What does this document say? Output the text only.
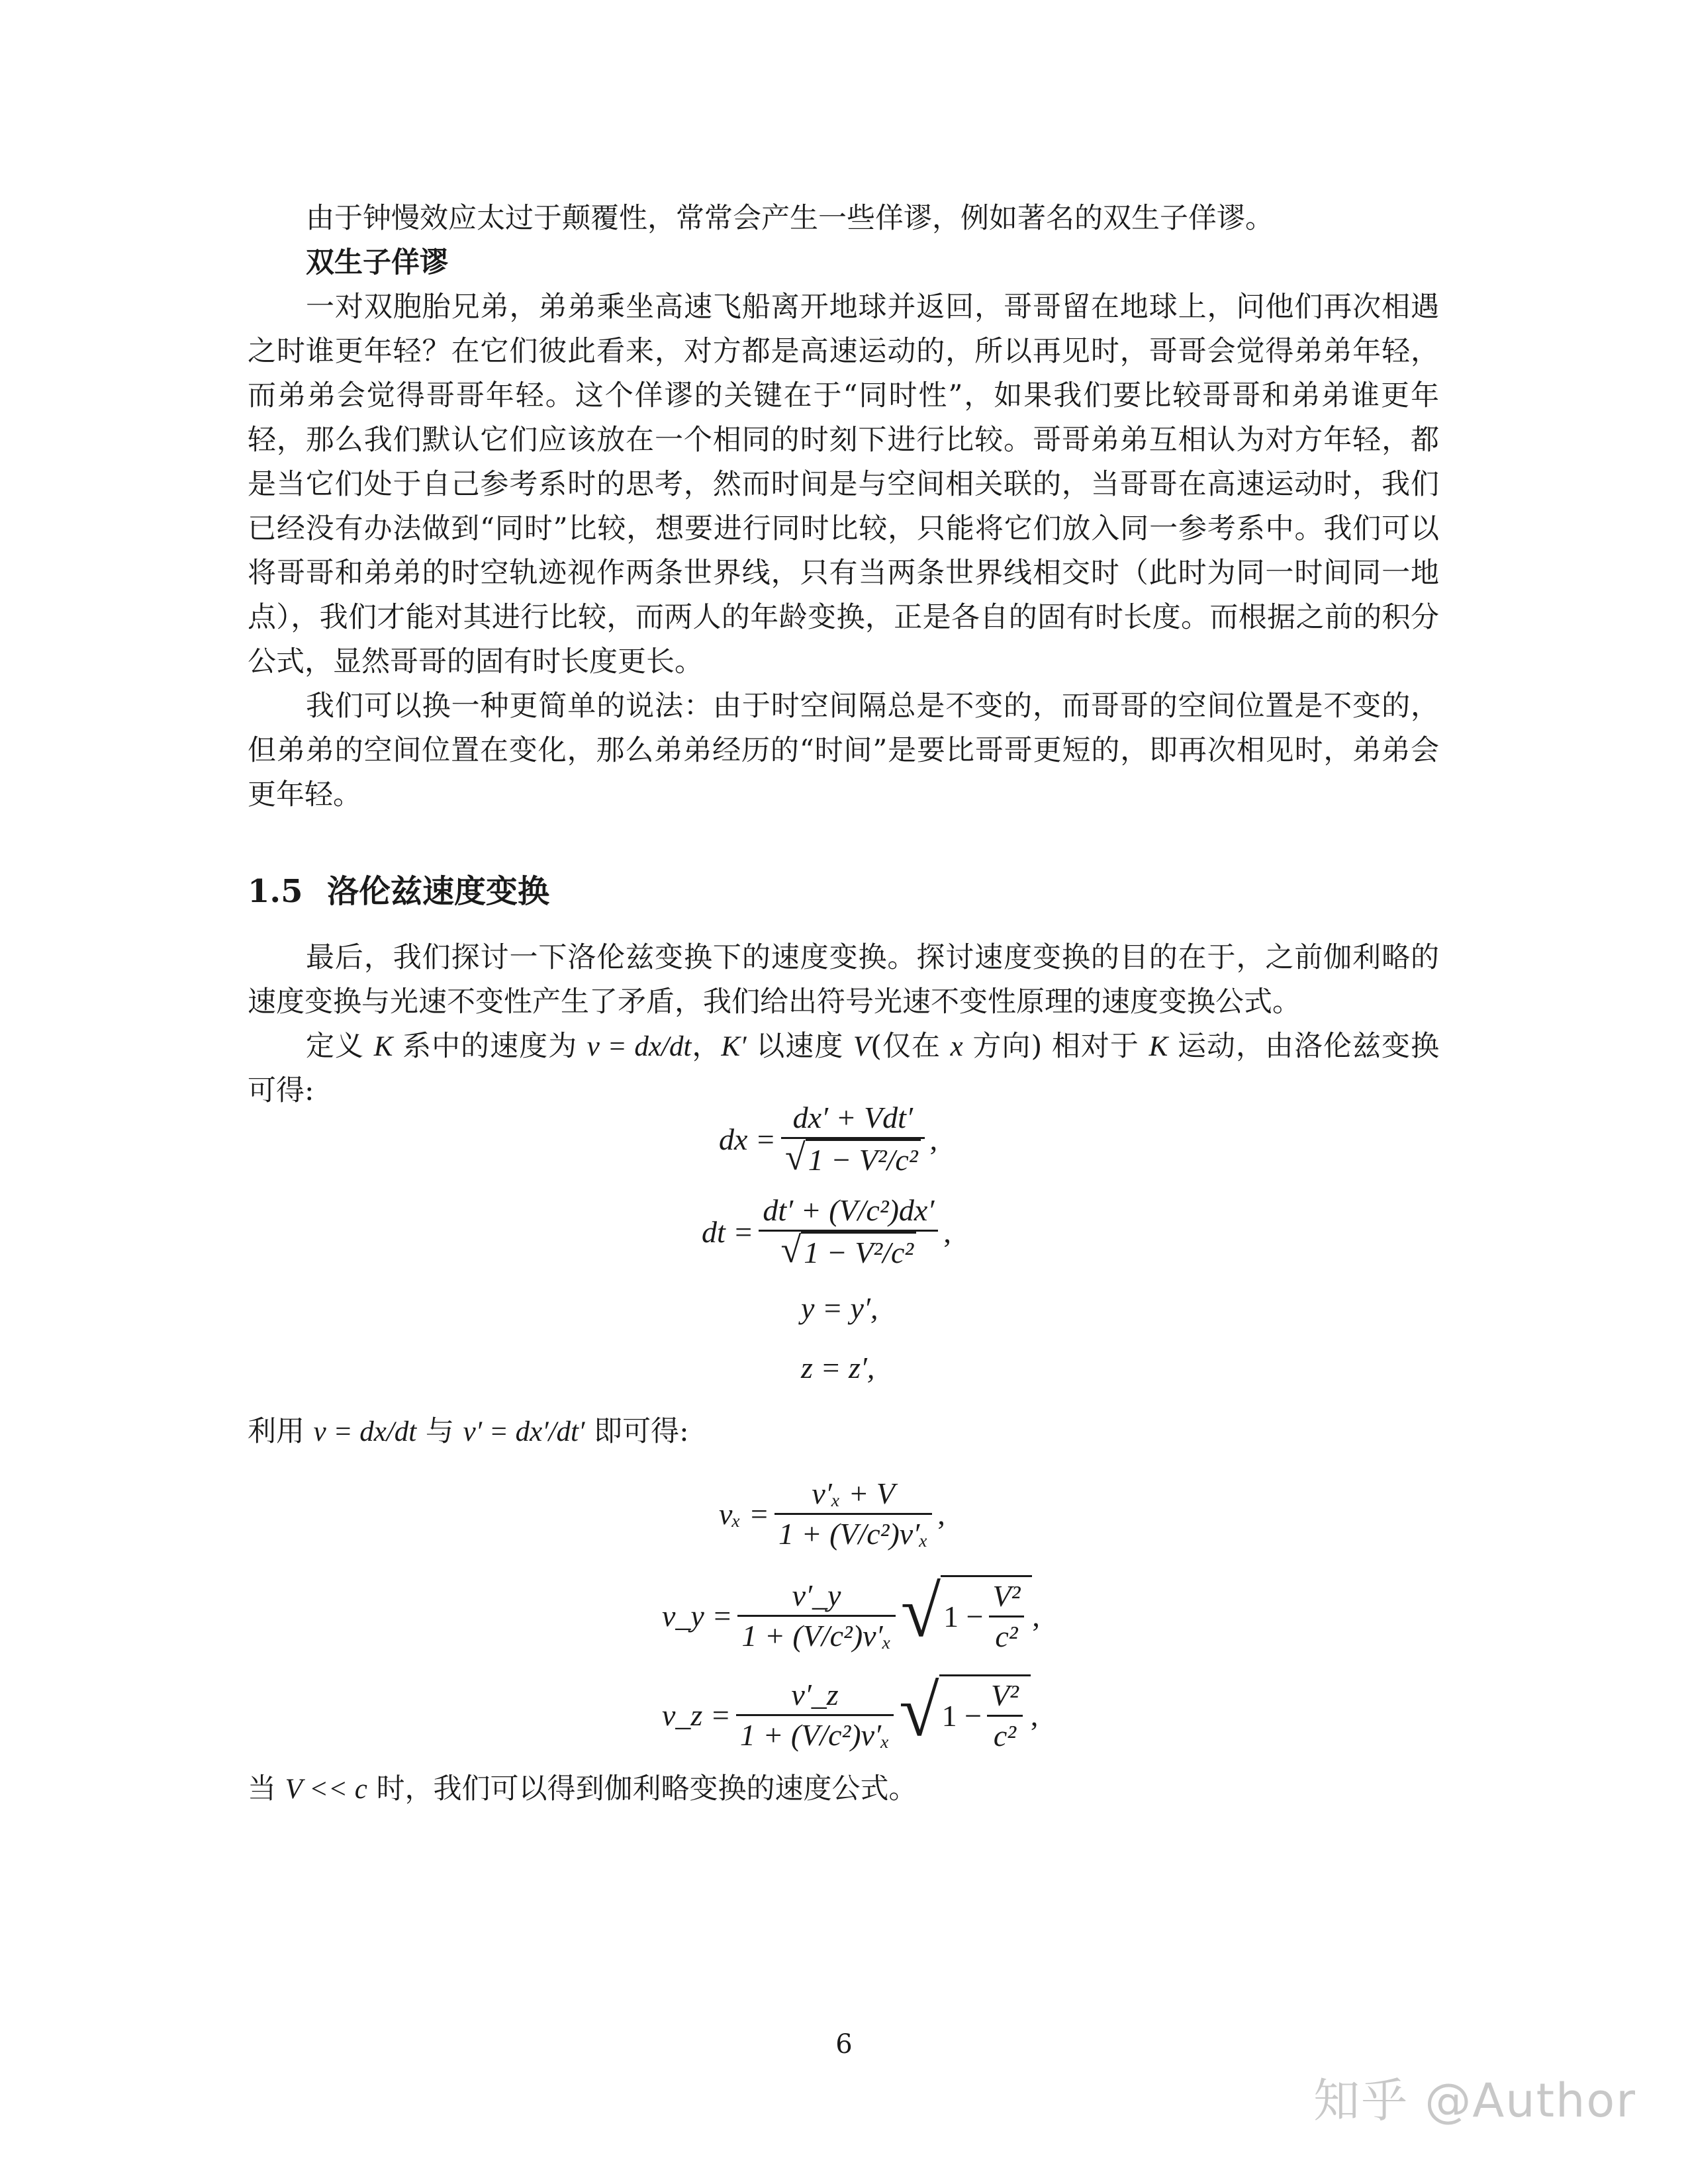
由于钟慢效应太过于颠覆性，常常会产生一些佯谬，例如著名的双生子佯谬。

双生子佯谬

一对双胞胎兄弟，弟弟乘坐高速飞船离开地球并返回，哥哥留在地球上，问他们再次相遇之时谁更年轻？在它们彼此看来，对方都是高速运动的，所以再见时，哥哥会觉得弟弟年轻，而弟弟会觉得哥哥年轻。这个佯谬的关键在于“同时性”，如果我们要比较哥哥和弟弟谁更年轻，那么我们默认它们应该放在一个相同的时刻下进行比较。哥哥弟弟互相认为对方年轻，都是当它们处于自己参考系时的思考，然而时间是与空间相关联的，当哥哥在高速运动时，我们已经没有办法做到“同时”比较，想要进行同时比较，只能将它们放入同一参考系中。我们可以将哥哥和弟弟的时空轨迹视作两条世界线，只有当两条世界线相交时（此时为同一时间同一地点），我们才能对其进行比较，而两人的年龄变换，正是各自的固有时长度。而根据之前的积分公式，显然哥哥的固有时长度更长。

我们可以换一种更简单的说法：由于时空间隔总是不变的，而哥哥的空间位置是不变的，但弟弟的空间位置在变化，那么弟弟经历的“时间”是要比哥哥更短的，即再次相见时，弟弟会更年轻。

1.5 洛伦兹速度变换

最后，我们探讨一下洛伦兹变换下的速度变换。探讨速度变换的目的在于，之前伽利略的速度变换与光速不变性产生了矛盾，我们给出符号光速不变性原理的速度变换公式。

定义 K 系中的速度为 v = dx/dt，K′ 以速度 V(仅在 x 方向) 相对于 K 运动，由洛伦兹变换可得:

dx = $\frac{\text{dx′ + Vdt′}}{\text{√ 1 − V²/c²}}$ ,
dt = $\frac{\text{dt′ + (V/c²)dx′}}{\text{√ 1 − V²/c²}}$ ,
y = y′,
z = z′,

利用 v = dx/dt 与 v′ = dx′/dt′ 即可得:

$v_x = \frac{\text{v′ₓ + V}}{\text{1 + (V/c²)v′ₓ}}$ ,
v_y = $\frac{v'\_y}{\text{1 + (V/c²)v′ₓ}}$ √ $1 - \frac{\text{V²}}{\text{c²}}$ ,
v_z = $\frac{v'\_z}{\text{1 + (V/c²)v′ₓ}}$ √ $1 - \frac{\text{V²}}{\text{c²}}$ ,

当 V << c 时，我们可以得到伽利略变换的速度公式。

6
知乎 @Author
